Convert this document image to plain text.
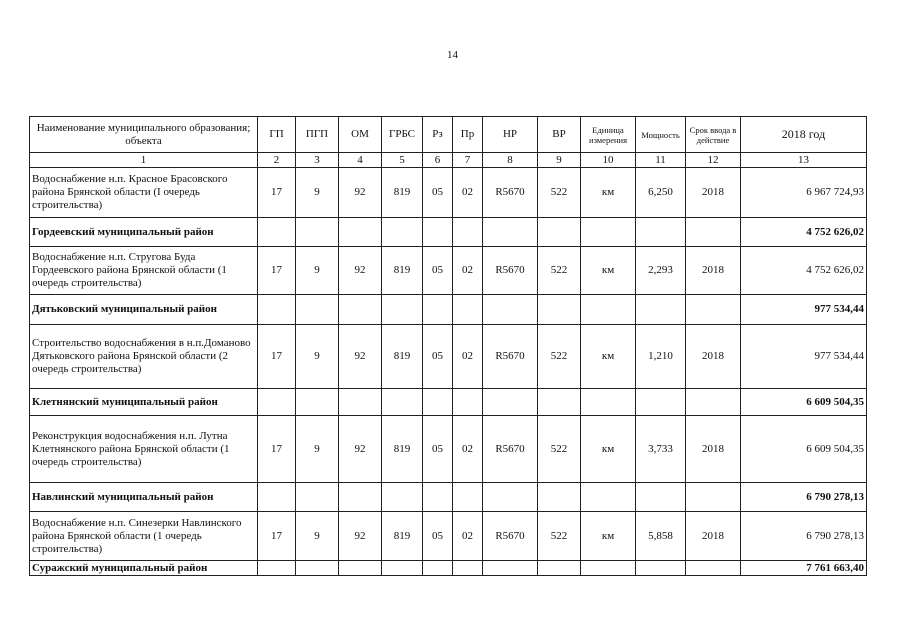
14
Наименование муниципального образования; объекта	ГП	ПГП	ОМ	ГРБС	Рз	Пр	НР	ВР	Единица измерения	Мощность	Срок ввода в действие	2018 год
1	2	3	4	5	6	7	8	9	10	11	12	13
Водоснабжение н.п. Красное Брасовского района Брянской области (I очередь строительства)	17	9	92	819	05	02	R5670	522	км	6,250	2018	6 967 724,93
Гордеевский муниципальный район												4 752 626,02
Водоснабжение н.п. Стругова Буда Гордеевского района Брянской области (1 очередь строительства)	17	9	92	819	05	02	R5670	522	км	2,293	2018	4 752 626,02
Дятьковский муниципальный район												977 534,44
Строительство водоснабжения в н.п.Доманово Дятьковского района Брянской области (2 очередь строительства)	17	9	92	819	05	02	R5670	522	км	1,210	2018	977 534,44
Клетнянский муниципальный район												6 609 504,35
Реконструкция водоснабжения н.п. Лутна Клетнянского района Брянской области (1 очередь строительства)	17	9	92	819	05	02	R5670	522	км	3,733	2018	6 609 504,35
Навлинский муниципальный район												6 790 278,13
Водоснабжение н.п. Синезерки Навлинского района Брянской области (1 очередь строительства)	17	9	92	819	05	02	R5670	522	км	5,858	2018	6 790 278,13
Суражский муниципальный район												7 761 663,40
